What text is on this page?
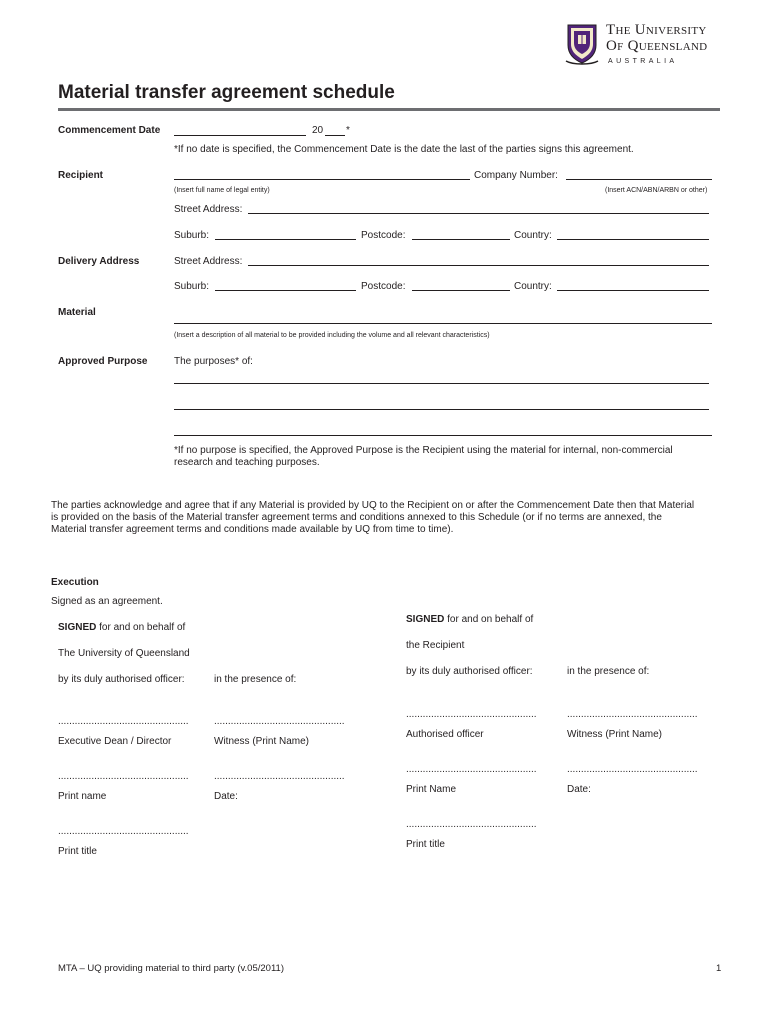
The University
Of Queensland
AUSTRALIA
Material transfer agreement schedule
Commencement Date	20 *
*If no date is specified, the Commencement Date is the date the last of the parties signs this agreement.
Recipient	Company Number:
(Insert full name of legal entity)	(Insert ACN/ABN/ARBN or other)
Street Address:
Suburb:	Postcode:	Country:
Delivery Address	Street Address:
Suburb:	Postcode:	Country:
Material
(Insert a description of all material to be provided including the volume and all relevant characteristics)
Approved Purpose	The purposes* of:
*If no purpose is specified, the Approved Purpose is the Recipient using the material for internal, non-commercial
research and teaching purposes.
The parties acknowledge and agree that if any Material is provided by UQ to the Recipient on or after the Commencement Date then that Material
is provided on the basis of the Material transfer agreement terms and conditions annexed to this Schedule (or if no terms are annexed, the
Material transfer agreement terms and conditions made available by UQ from time to time).
Execution
Signed as an agreement.
SIGNED for and on behalf of
The University of Queensland
by its duly authorised officer:	in the presence of:
...............................................	...............................................
Executive Dean / Director	Witness (Print Name)
...............................................	...............................................
Print name	Date:
...............................................
Print title
SIGNED for and on behalf of
the Recipient
by its duly authorised officer:	in the presence of:
...............................................	...............................................
Authorised officer	Witness (Print Name)
...............................................	...............................................
Print Name	Date:
...............................................
Print title
MTA – UQ providing material to third party (v.05/2011)	1
